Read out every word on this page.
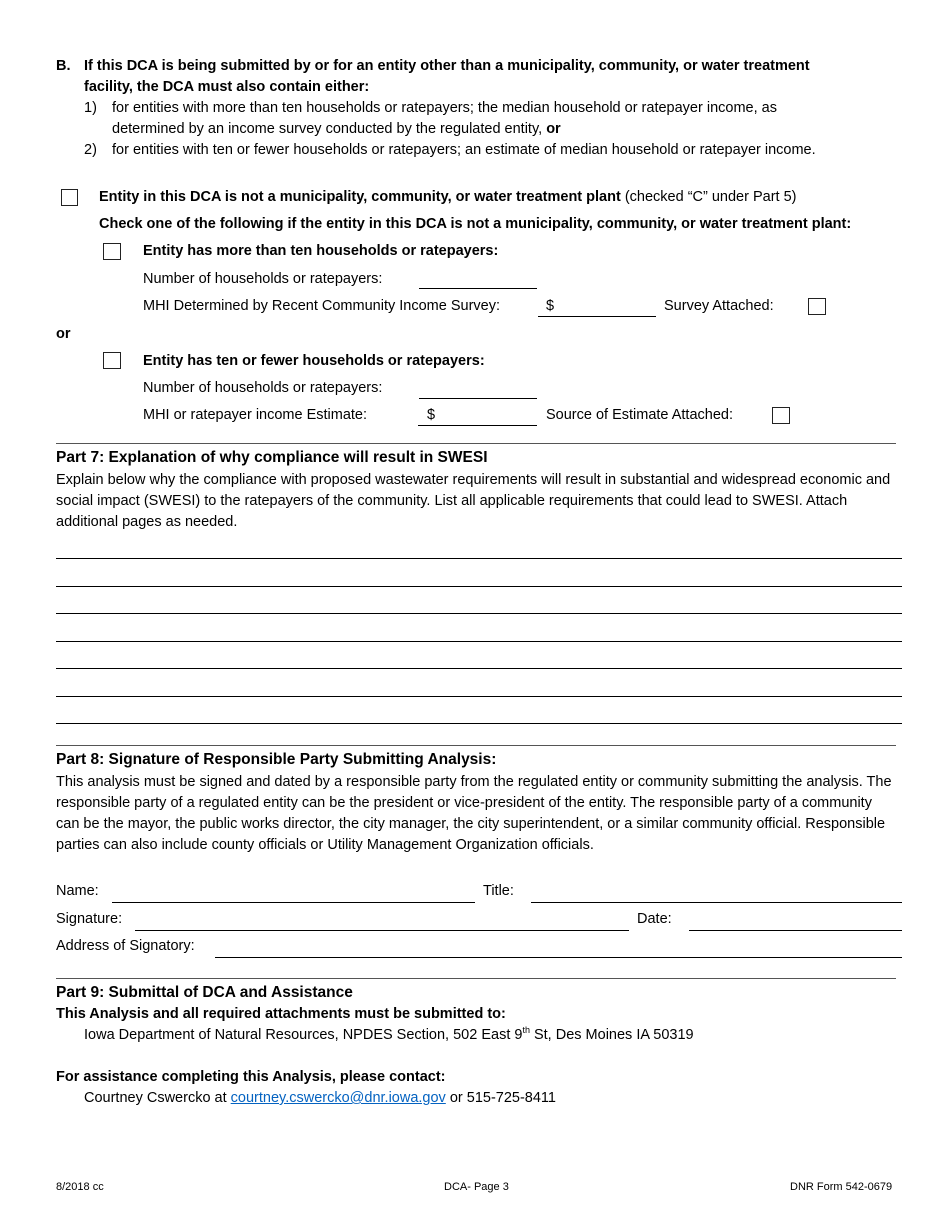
B. If this DCA is being submitted by or for an entity other than a municipality, community, or water treatment
facility, the DCA must also contain either:
1) for entities with more than ten households or ratepayers; the median household or ratepayer income, as
determined by an income survey conducted by the regulated entity, or
2) for entities with ten or fewer households or ratepayers; an estimate of median household or ratepayer income.
Entity in this DCA is not a municipality, community, or water treatment plant (checked “C” under Part 5)
Check one of the following if the entity in this DCA is not a municipality, community, or water treatment plant:
Entity has more than ten households or ratepayers:
Number of households or ratepayers:
MHI Determined by Recent Community Income Survey:	$	Survey Attached:
or
Entity has ten or fewer households or ratepayers:
Number of households or ratepayers:
MHI or ratepayer income Estimate:	$	Source of Estimate Attached:
Part 7: Explanation of why compliance will result in SWESI
Explain below why the compliance with proposed wastewater requirements will result in substantial and widespread economic and social impact (SWESI) to the ratepayers of the community. List all applicable requirements that could lead to SWESI. Attach additional pages as needed.
Part 8: Signature of Responsible Party Submitting Analysis:
This analysis must be signed and dated by a responsible party from the regulated entity or community submitting the analysis. The responsible party of a regulated entity can be the president or vice-president of the entity. The responsible party of a community can be the mayor, the public works director, the city manager, the city superintendent, or a similar community official. Responsible parties can also include county officials or Utility Management Organization officials.
Name:	Title:
Signature:	Date:
Address of Signatory:
Part 9: Submittal of DCA and Assistance
This Analysis and all required attachments must be submitted to:
Iowa Department of Natural Resources, NPDES Section, 502 East 9th St, Des Moines IA 50319
For assistance completing this Analysis, please contact:
Courtney Cswercko at courtney.cswercko@dnr.iowa.gov or 515-725-8411
8/2018 cc	DCA- Page 3	DNR Form 542-0679
